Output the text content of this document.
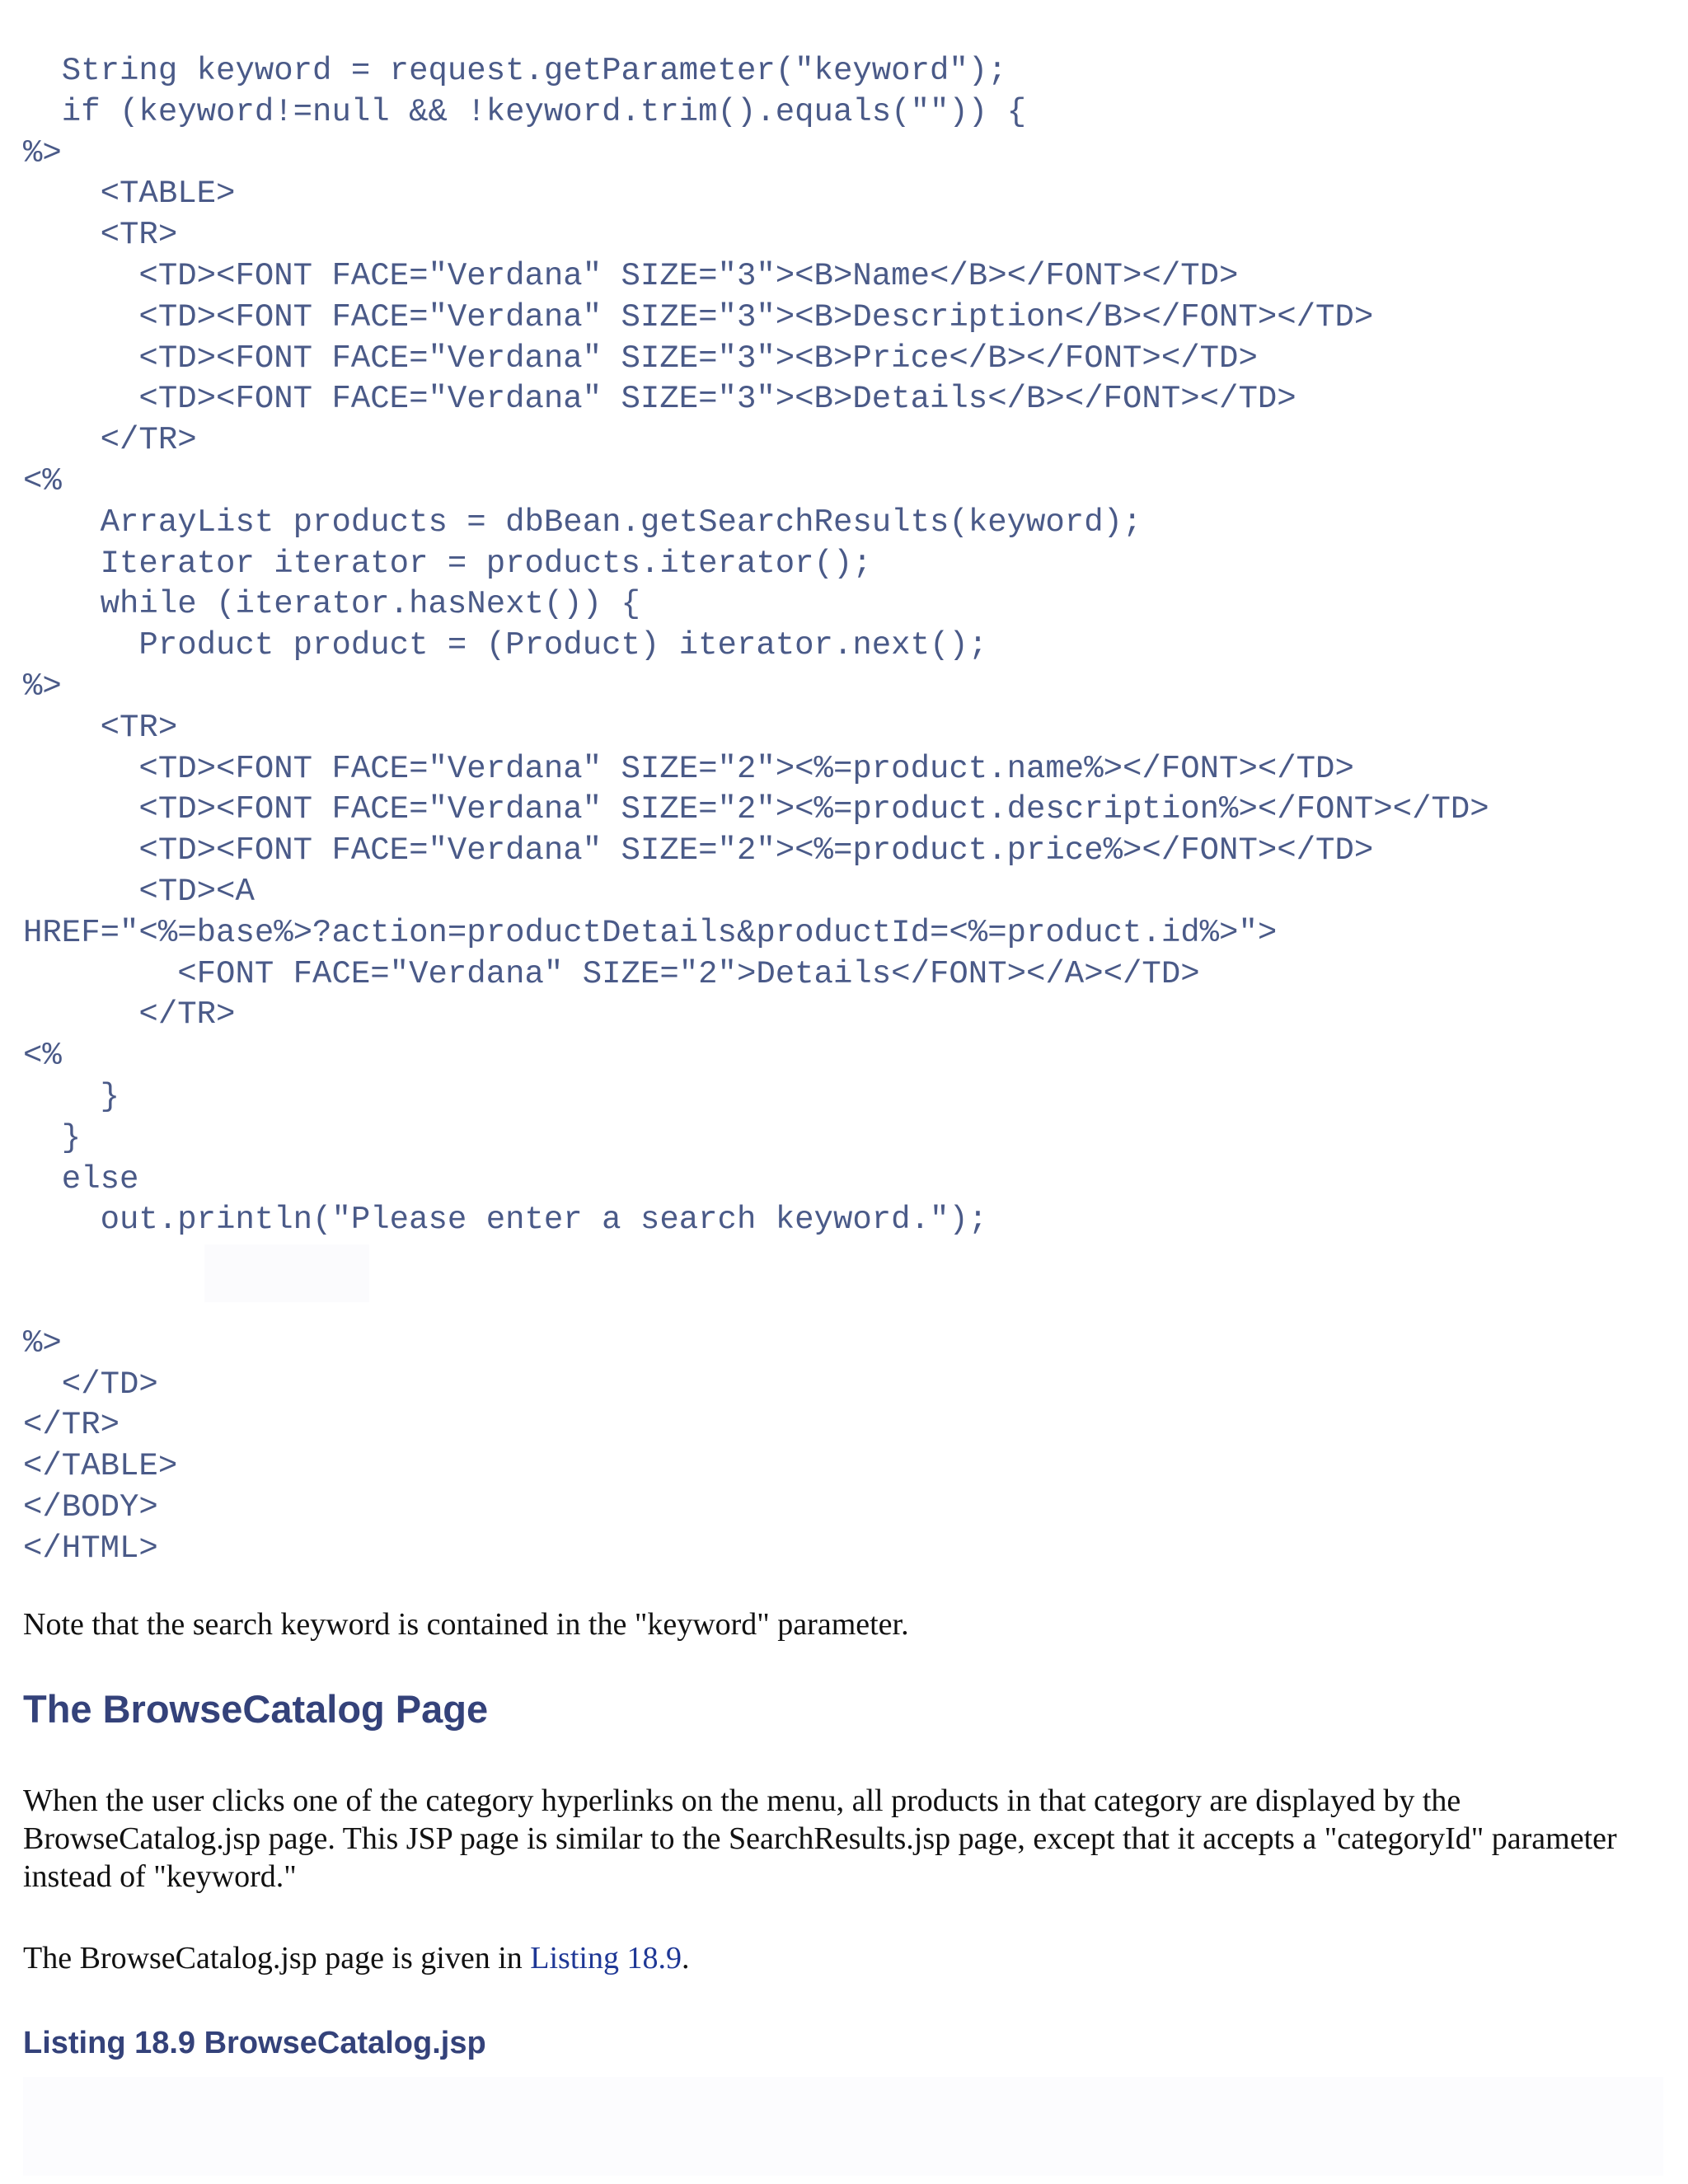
String keyword = request.getParameter("keyword");
if (keyword!=null && !keyword.trim().equals("")) {
%>
<TABLE>
<TR>
<TD><FONT FACE="Verdana" SIZE="3"><B>Name</B></FONT></TD>
<TD><FONT FACE="Verdana" SIZE="3"><B>Description</B></FONT></TD>
<TD><FONT FACE="Verdana" SIZE="3"><B>Price</B></FONT></TD>
<TD><FONT FACE="Verdana" SIZE="3"><B>Details</B></FONT></TD>
</TR>
<%
ArrayList products = dbBean.getSearchResults(keyword);
Iterator iterator = products.iterator();
while (iterator.hasNext()) {
Product product = (Product) iterator.next();
%>
<TR>
<TD><FONT FACE="Verdana" SIZE="2"><%=product.name%></FONT></TD>
<TD><FONT FACE="Verdana" SIZE="2"><%=product.description%></FONT></TD>
<TD><FONT FACE="Verdana" SIZE="2"><%=product.price%></FONT></TD>
<TD><A
HREF="<%=base%>?action=productDetails&productId=<%=product.id%>">
<FONT FACE="Verdana" SIZE="2">Details</FONT></A></TD>
</TR>
<%
}
}
else
out.println("Please enter a search keyword.");
%>
</TD>
</TR>
</TABLE>
</BODY>
</HTML>

Note that the search keyword is contained in the "keyword" parameter.

The BrowseCatalog Page

When the user clicks one of the category hyperlinks on the menu, all products in that category are displayed by the BrowseCatalog.jsp page. This JSP page is similar to the SearchResults.jsp page, except that it accepts a "categoryId" parameter instead of "keyword."

The BrowseCatalog.jsp page is given in Listing 18.9.

Listing 18.9 BrowseCatalog.jsp
